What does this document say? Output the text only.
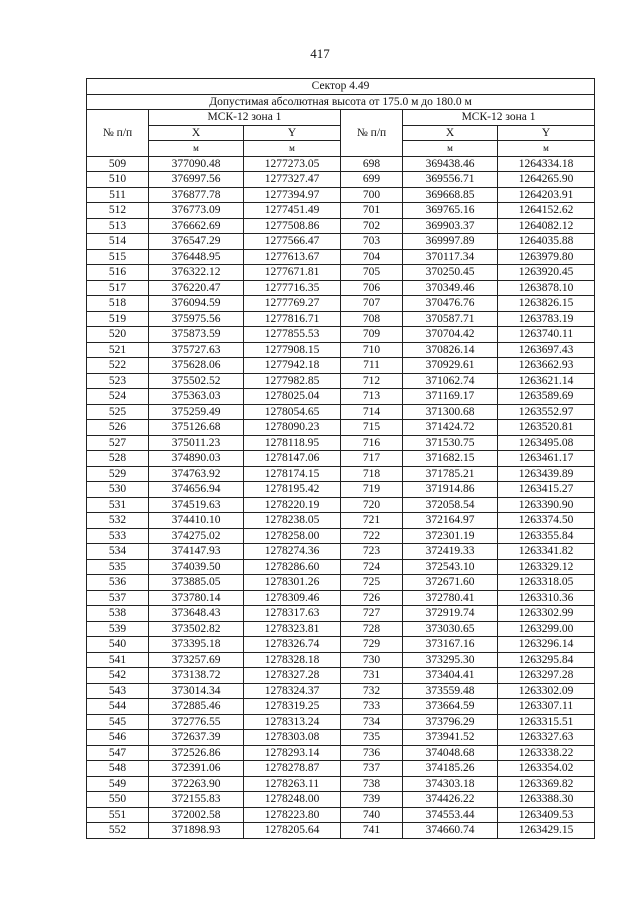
417
Сектор 4.49					
Допустимая абсолютная высота от 175.0 м до 180.0 м					
№ п/п	МСК-12 зона 1		№ п/п	МСК-12 зона 1	
	X	Y		X	Y
	м	м		м	м
509	377090.48	1277273.05	698	369438.46	1264334.18
510	376997.56	1277327.47	699	369556.71	1264265.90
511	376877.78	1277394.97	700	369668.85	1264203.91
512	376773.09	1277451.49	701	369765.16	1264152.62
513	376662.69	1277508.86	702	369903.37	1264082.12
514	376547.29	1277566.47	703	369997.89	1264035.88
515	376448.95	1277613.67	704	370117.34	1263979.80
516	376322.12	1277671.81	705	370250.45	1263920.45
517	376220.47	1277716.35	706	370349.46	1263878.10
518	376094.59	1277769.27	707	370476.76	1263826.15
519	375975.56	1277816.71	708	370587.71	1263783.19
520	375873.59	1277855.53	709	370704.42	1263740.11
521	375727.63	1277908.15	710	370826.14	1263697.43
522	375628.06	1277942.18	711	370929.61	1263662.93
523	375502.52	1277982.85	712	371062.74	1263621.14
524	375363.03	1278025.04	713	371169.17	1263589.69
525	375259.49	1278054.65	714	371300.68	1263552.97
526	375126.68	1278090.23	715	371424.72	1263520.81
527	375011.23	1278118.95	716	371530.75	1263495.08
528	374890.03	1278147.06	717	371682.15	1263461.17
529	374763.92	1278174.15	718	371785.21	1263439.89
530	374656.94	1278195.42	719	371914.86	1263415.27
531	374519.63	1278220.19	720	372058.54	1263390.90
532	374410.10	1278238.05	721	372164.97	1263374.50
533	374275.02	1278258.00	722	372301.19	1263355.84
534	374147.93	1278274.36	723	372419.33	1263341.82
535	374039.50	1278286.60	724	372543.10	1263329.12
536	373885.05	1278301.26	725	372671.60	1263318.05
537	373780.14	1278309.46	726	372780.41	1263310.36
538	373648.43	1278317.63	727	372919.74	1263302.99
539	373502.82	1278323.81	728	373030.65	1263299.00
540	373395.18	1278326.74	729	373167.16	1263296.14
541	373257.69	1278328.18	730	373295.30	1263295.84
542	373138.72	1278327.28	731	373404.41	1263297.28
543	373014.34	1278324.37	732	373559.48	1263302.09
544	372885.46	1278319.25	733	373664.59	1263307.11
545	372776.55	1278313.24	734	373796.29	1263315.51
546	372637.39	1278303.08	735	373941.52	1263327.63
547	372526.86	1278293.14	736	374048.68	1263338.22
548	372391.06	1278278.87	737	374185.26	1263354.02
549	372263.90	1278263.11	738	374303.18	1263369.82
550	372155.83	1278248.00	739	374426.22	1263388.30
551	372002.58	1278223.80	740	374553.44	1263409.53
552	371898.93	1278205.64	741	374660.74	1263429.15
